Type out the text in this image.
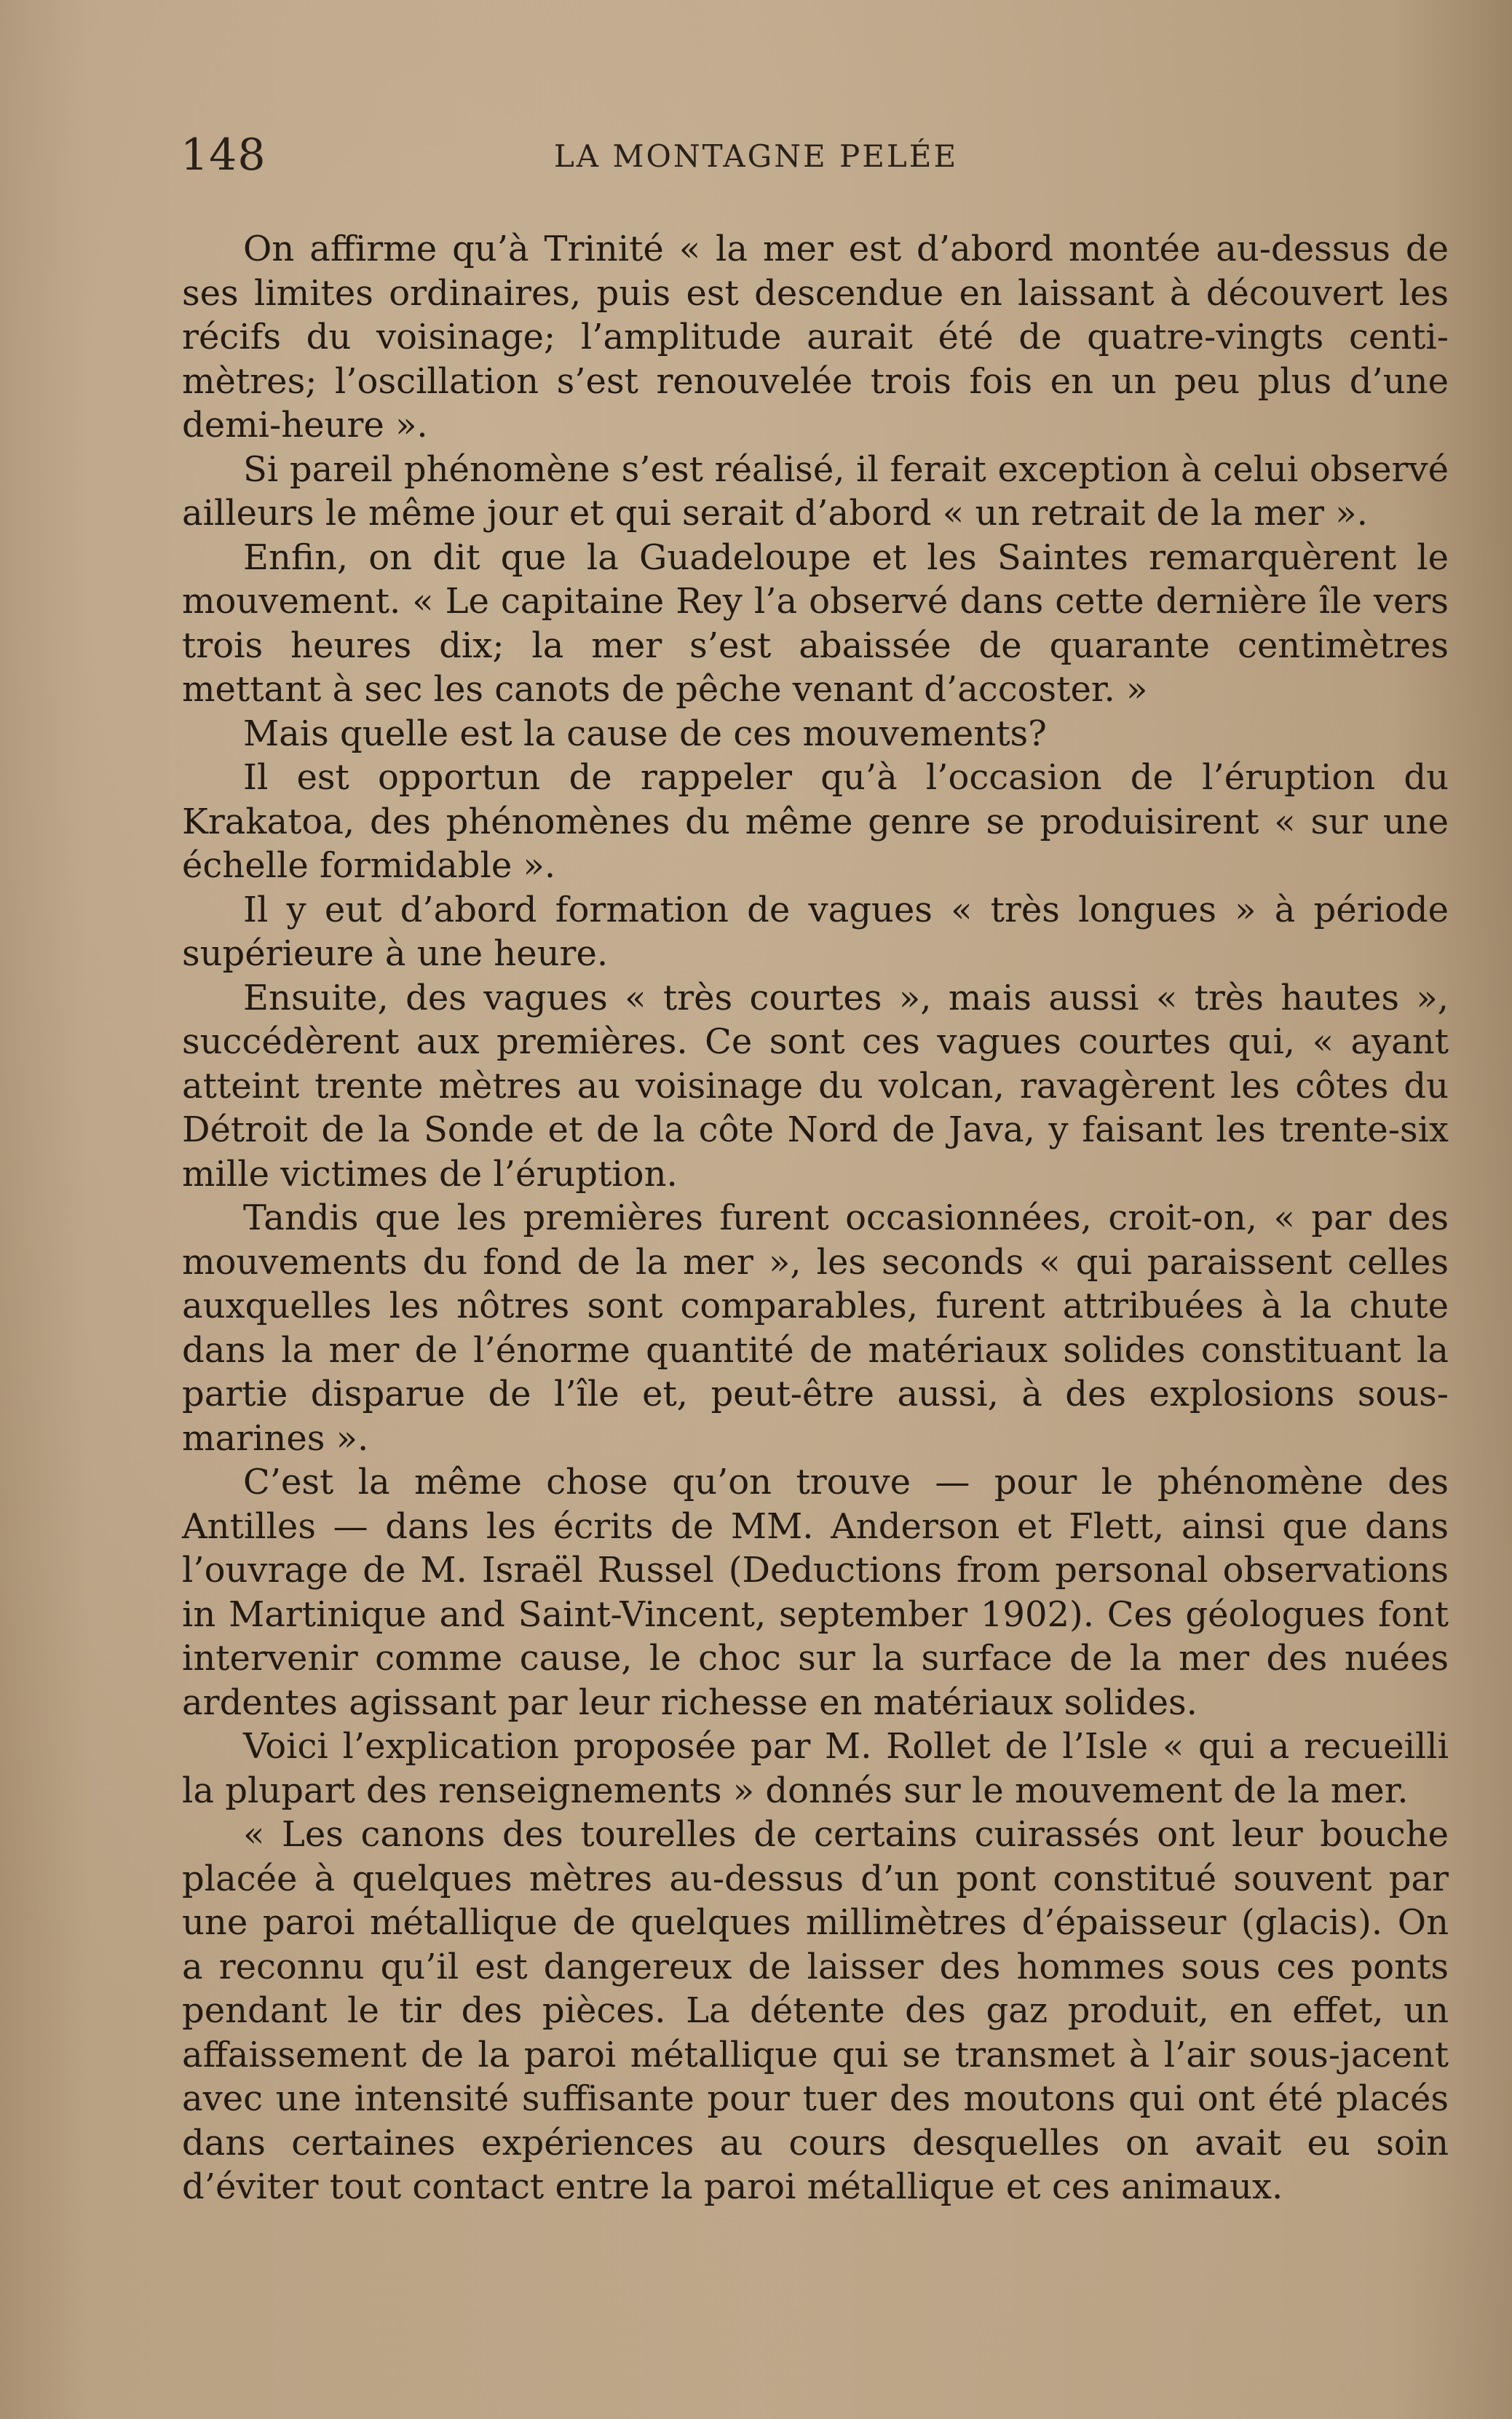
148	LA MONTAGNE PELÉE

On affirme qu’à Trinité « la mer est d’abord montée au-dessus de ses limites ordinaires, puis est descendue en laissant à découvert les récifs du voisinage; l’amplitude aurait été de quatre-vingts centimètres; l’oscillation s’est renouvelée trois fois en un peu plus d’une demi-heure ».

Si pareil phénomène s’est réalisé, il ferait exception à celui observé ailleurs le même jour et qui serait d’abord « un retrait de la mer ».

Enfin, on dit que la Guadeloupe et les Saintes remarquèrent le mouvement. « Le capitaine Rey l’a observé dans cette dernière île vers trois heures dix; la mer s’est abaissée de quarante centimètres mettant à sec les canots de pêche venant d’accoster. »

Mais quelle est la cause de ces mouvements?

Il est opportun de rappeler qu’à l’occasion de l’éruption du Krakatoa, des phénomènes du même genre se produisirent « sur une échelle formidable ».

Il y eut d’abord formation de vagues « très longues » à période supérieure à une heure.

Ensuite, des vagues « très courtes », mais aussi « très hautes », succédèrent aux premières. Ce sont ces vagues courtes qui, « ayant atteint trente mètres au voisinage du volcan, ravagèrent les côtes du Détroit de la Sonde et de la côte Nord de Java, y faisant les trente-six mille victimes de l’éruption.

Tandis que les premières furent occasionnées, croit-on, « par des mouvements du fond de la mer », les seconds « qui paraissent celles auxquelles les nôtres sont comparables, furent attribuées à la chute dans la mer de l’énorme quantité de matériaux solides constituant la partie disparue de l’île et, peut-être aussi, à des explosions sousmarines ».

C’est la même chose qu’on trouve — pour le phénomène des Antilles — dans les écrits de MM. Anderson et Flett, ainsi que dans l’ouvrage de M. Israël Russel (Deductions from personal observations in Martinique and Saint-Vincent, september 1902). Ces géologues font intervenir comme cause, le choc sur la surface de la mer des nuées ardentes agissant par leur richesse en matériaux solides.

Voici l’explication proposée par M. Rollet de l’Isle « qui a recueilli la plupart des renseignements » donnés sur le mouvement de la mer.

« Les canons des tourelles de certains cuirassés ont leur bouche placée à quelques mètres au-dessus d’un pont constitué souvent par une paroi métallique de quelques millimètres d’épaisseur (glacis). On a reconnu qu’il est dangereux de laisser des hommes sous ces ponts pendant le tir des pièces. La détente des gaz produit, en effet, un affaissement de la paroi métallique qui se transmet à l’air sous-jacent avec une intensité suffisante pour tuer des moutons qui ont été placés dans certaines expériences au cours desquelles on avait eu soin d’éviter tout contact entre la paroi métallique et ces animaux.
